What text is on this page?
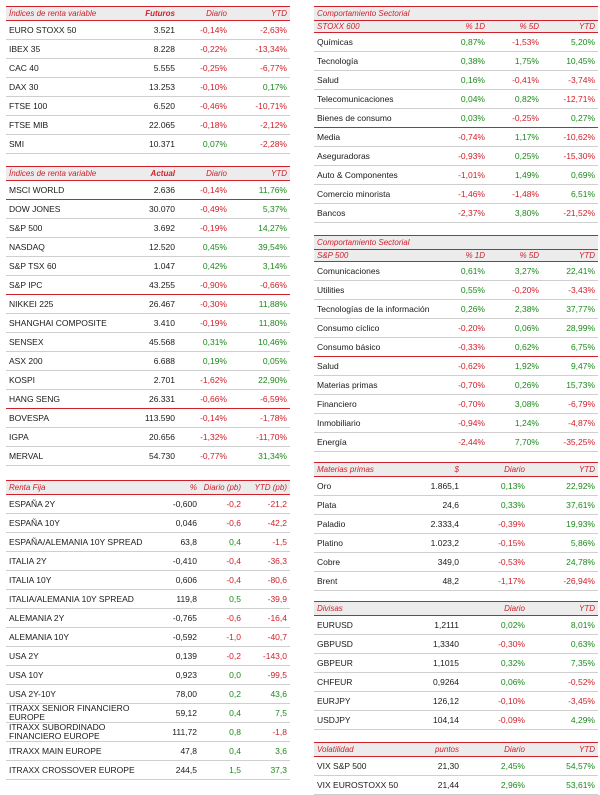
Índices de renta variable	Futuros	Diario	YTD
EURO STOXX 50	3.521	-0,14%	-2,63%
IBEX 35	8.228	-0,22%	-13,34%
CAC 40	5.555	-0,25%	-6,77%
DAX 30	13.253	-0,10%	0,17%
FTSE 100	6.520	-0,46%	-10,71%
FTSE MIB	22.065	-0,18%	-2,12%
SMI	10.371	0,07%	-2,28%
Índices de renta variable	Actual	Diario	YTD
MSCI WORLD	2.636	-0,14%	11,76%
DOW JONES	30.070	-0,49%	5,37%
S&P 500	3.692	-0,19%	14,27%
NASDAQ	12.520	0,45%	39,54%
S&P TSX 60	1.047	0,42%	3,14%
S&P IPC	43.255	-0,90%	-0,66%
NIKKEI 225	26.467	-0,30%	11,88%
SHANGHAI COMPOSITE	3.410	-0,19%	11,80%
SENSEX	45.568	0,31%	10,46%
ASX 200	6.688	0,19%	0,05%
KOSPI	2.701	-1,62%	22,90%
HANG SENG	26.331	-0,66%	-6,59%
BOVESPA	113.590	-0,14%	-1,78%
IGPA	20.656	-1,32%	-11,70%
MERVAL	54.730	-0,77%	31,34%
Renta Fija	%	Diario (pb)	YTD (pb)
ESPAÑA 2Y	-0,600	-0,2	-21,2
ESPAÑA 10Y	0,046	-0,6	-42,2
ESPAÑA/ALEMANIA 10Y SPREAD	63,8	0,4	-1,5
ITALIA 2Y	-0,410	-0,4	-36,3
ITALIA 10Y	0,606	-0,4	-80,6
ITALIA/ALEMANIA 10Y SPREAD	119,8	0,5	-39,9
ALEMANIA 2Y	-0,765	-0,6	-16,4
ALEMANIA 10Y	-0,592	-1,0	-40,7
USA 2Y	0,139	-0,2	-143,0
USA 10Y	0,923	0,0	-99,5
USA 2Y-10Y	78,00	0,2	43,6
ITRAXX SENIOR FINANCIERO EUROPE	59,12	0,4	7,5
ITRAXX SUBORDINADO FINANCIERO EUROPE	111,72	0,8	-1,8
ITRAXX MAIN EUROPE	47,8	0,4	3,6
ITRAXX CROSSOVER EUROPE	244,5	1,5	37,3
Comportamiento Sectorial			
STOXX 600	% 1D	% 5D	YTD
Químicas	0,87%	-1,53%	5,20%
Tecnología	0,38%	1,75%	10,45%
Salud	0,16%	-0,41%	-3,74%
Telecomunicaciones	0,04%	0,82%	-12,71%
Bienes de consumo	0,03%	-0,25%	0,27%
Media	-0,74%	1,17%	-10,62%
Aseguradoras	-0,93%	0,25%	-15,30%
Auto & Componentes	-1,01%	1,49%	0,69%
Comercio minorista	-1,46%	-1,48%	6,51%
Bancos	-2,37%	3,80%	-21,52%
Comportamiento Sectorial			
S&P 500	% 1D	% 5D	YTD
Comunicaciones	0,61%	3,27%	22,41%
Utilities	0,55%	-0,20%	-3,43%
Tecnologías de la información	0,26%	2,38%	37,77%
Consumo cíclico	-0,20%	0,06%	28,99%
Consumo básico	-0,33%	0,62%	6,75%
Salud	-0,62%	1,92%	9,47%
Materias primas	-0,70%	0,26%	15,73%
Financiero	-0,70%	3,08%	-6,79%
Inmobiliario	-0,94%	1,24%	-4,87%
Energía	-2,44%	7,70%	-35,25%
Materias primas	$	Diario	YTD
Oro	1.865,1	0,13%	22,92%
Plata	24,6	0,33%	37,61%
Paladio	2.333,4	-0,39%	19,93%
Platino	1.023,2	-0,15%	5,86%
Cobre	349,0	-0,53%	24,78%
Brent	48,2	-1,17%	-26,94%
Divisas		Diario	YTD
EURUSD	1,2111	0,02%	8,01%
GBPUSD	1,3340	-0,30%	0,63%
GBPEUR	1,1015	0,32%	7,35%
CHFEUR	0,9264	0,06%	-0,52%
EURJPY	126,12	-0,10%	-3,45%
USDJPY	104,14	-0,09%	4,29%
Volatilidad	puntos	Diario	YTD
VIX S&P 500	21,30	2,45%	54,57%
VIX EUROSTOXX 50	21,44	2,96%	53,61%
